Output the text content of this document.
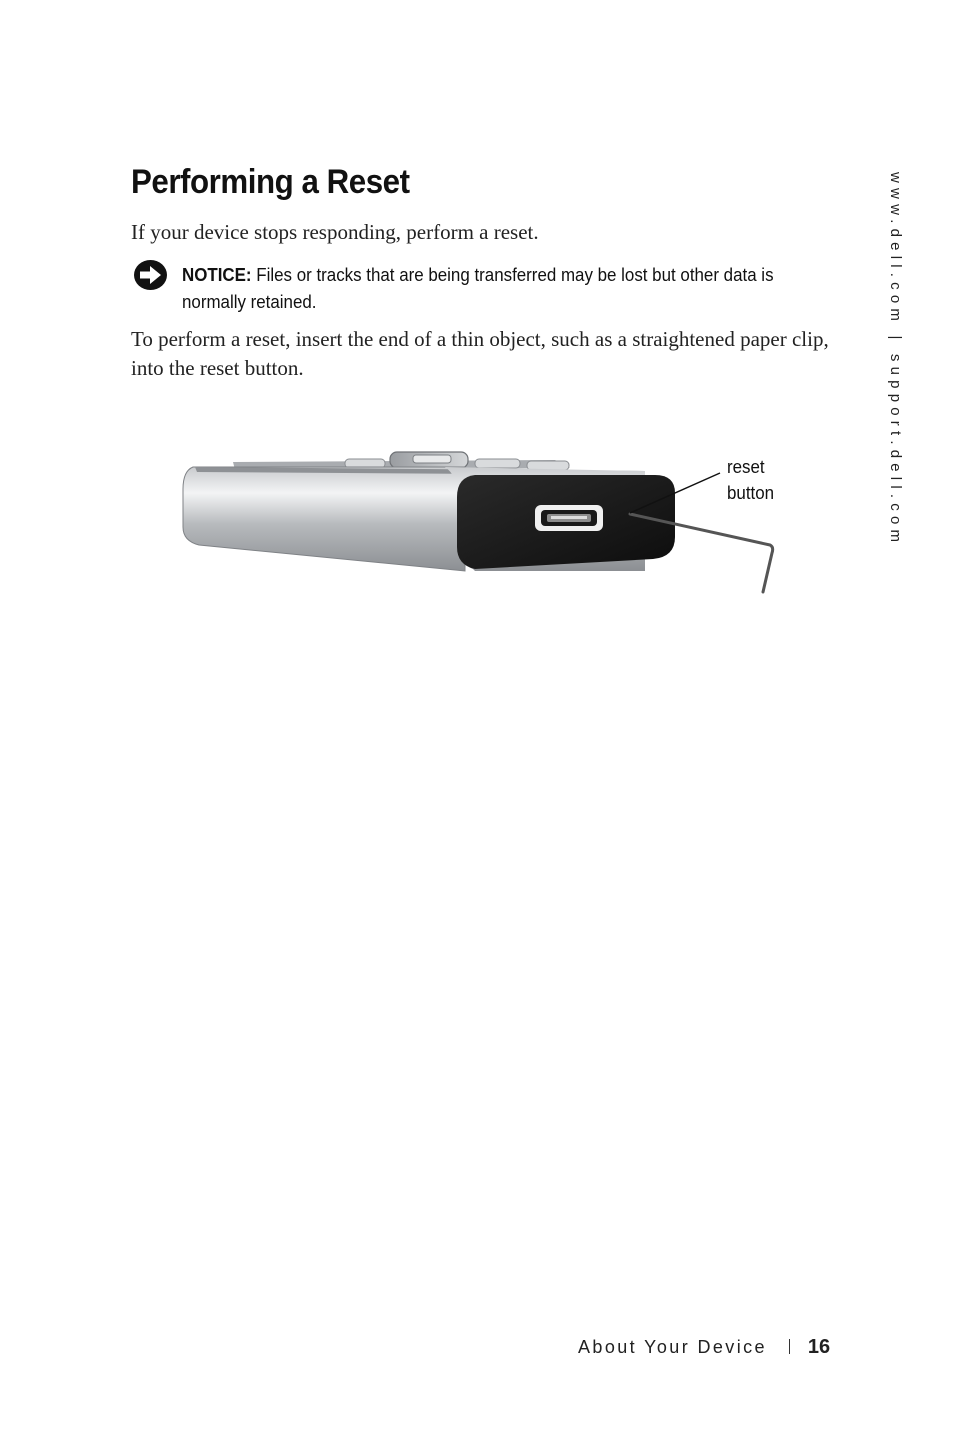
Performing a Reset

If your device stops responding, perform a reset.

NOTICE: Files or tracks that are being transferred may be lost but other data is normally retained.

To perform a reset, insert the end of a thin object, such as a straightened paper clip, into the reset button.

reset
button	www.dell.com | support.dell.com
About Your Device 16
